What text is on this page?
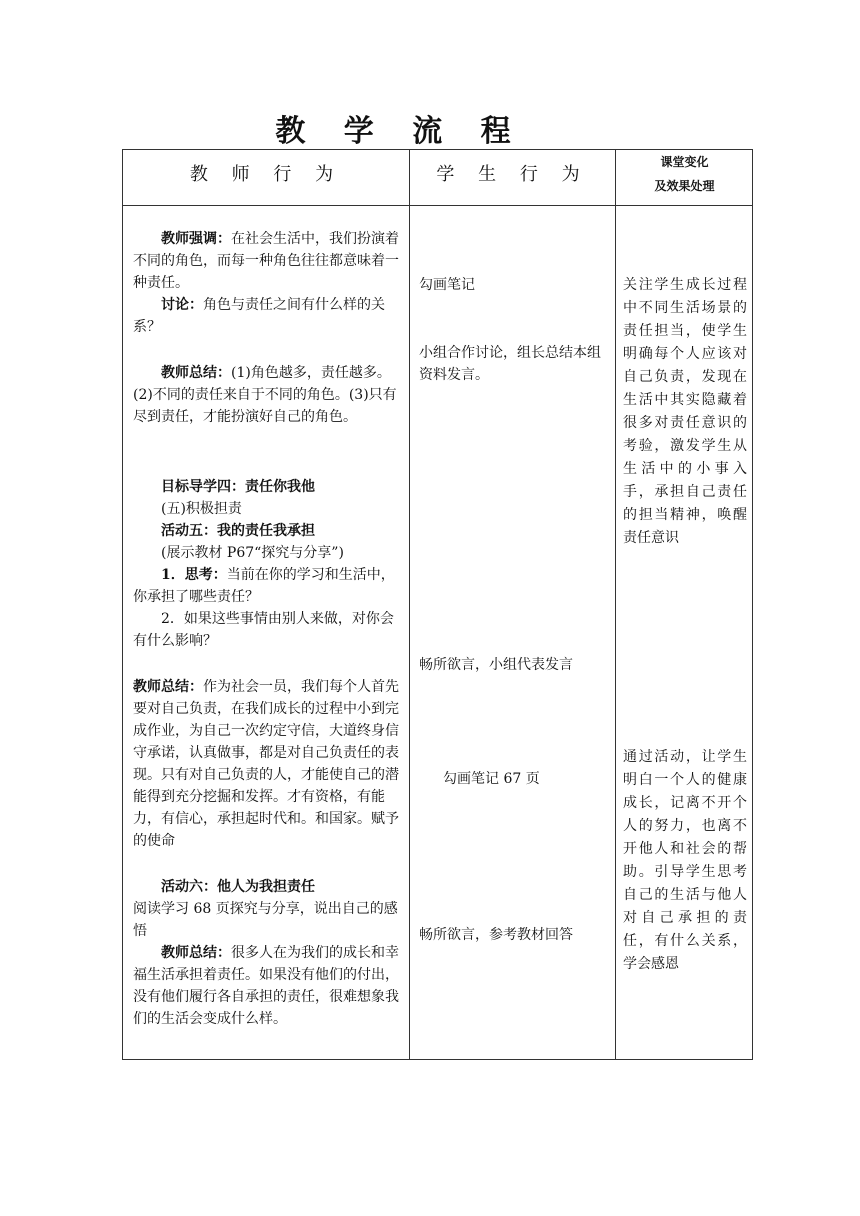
教 学 流 程
教 师 行 为	学 生 行 为
课堂变化
及效果处理
教师强调：在社会生活中，我们扮演着不同的角色，而每一种角色往往都意味着一种责任。
讨论：角色与责任之间有什么样的关系？
教师总结：(1)角色越多，责任越多。(2)不同的责任来自于不同的角色。(3)只有尽到责任，才能扮演好自己的角色。
目标导学四：责任你我他
(五)积极担责
活动五：我的责任我承担
(展示教材 P67“探究与分享”)
1．思考：当前在你的学习和生活中，你承担了哪些责任？
2．如果这些事情由别人来做，对你会有什么影响？
教师总结：作为社会一员，我们每个人首先要对自己负责，在我们成长的过程中小到完成作业，为自己一次约定守信，大道终身信守承诺，认真做事，都是对自己负责任的表现。只有对自己负责的人，才能使自己的潜能得到充分挖掘和发挥。才有资格，有能力，有信心，承担起时代和。和国家。赋予的使命
活动六：他人为我担责任
阅读学习 68 页探究与分享，说出自己的感悟
教师总结：很多人在为我们的成长和幸福生活承担着责任。如果没有他们的付出，没有他们履行各自承担的责任，很难想象我们的生活会变成什么样。
勾画笔记
小组合作讨论，组长总结本组资料发言。
畅所欲言，小组代表发言
勾画笔记 67 页
畅所欲言，参考教材回答
关注学生成长过程中不同生活场景的责任担当，使学生明确每个人应该对自己负责，发现在生活中其实隐藏着很多对责任意识的考验，激发学生从生活中的小事入手，承担自己责任的担当精神，唤醒责任意识
通过活动，让学生明白一个人的健康成长，记离不开个人的努力，也离不开他人和社会的帮助。引导学生思考自己的生活与他人对自己承担的责任，有什么关系，学会感恩
